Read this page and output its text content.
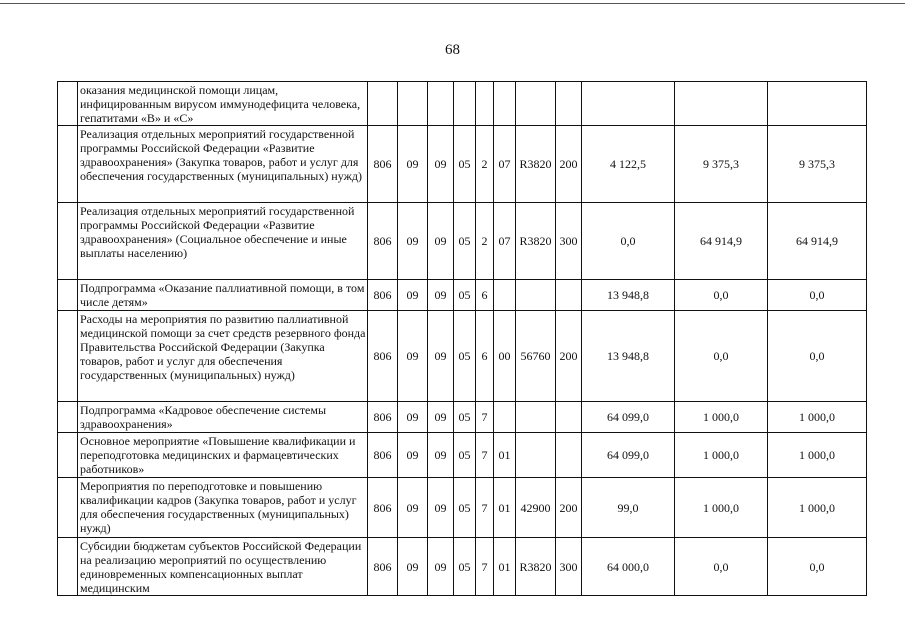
68
	оказания медицинской помощи лицам, инфицированным вирусом иммунодефицита человека, гепатитами «В» и «С»											
	Реализация отдельных мероприятий государственной программы Российской Федерации «Развитие здравоохранения» (Закупка товаров, работ и услуг для обеспечения государственных (муниципальных) нужд)	806	09	09	05	2	07	R3820	200	4 122,5	9 375,3	9 375,3
	Реализация отдельных мероприятий государственной программы Российской Федерации «Развитие здравоохранения» (Социальное обеспечение и иные выплаты населению)	806	09	09	05	2	07	R3820	300	0,0	64 914,9	64 914,9
	Подпрограмма «Оказание паллиативной помощи, в том числе детям»	806	09	09	05	6				13 948,8	0,0	0,0
	Расходы на мероприятия по развитию паллиативной медицинской помощи за счет средств резервного фонда Правительства Российской Федерации (Закупка товаров, работ и услуг для обеспечения государственных (муниципальных) нужд)	806	09	09	05	6	00	56760	200	13 948,8	0,0	0,0
	Подпрограмма «Кадровое обеспечение системы здравоохранения»	806	09	09	05	7				64 099,0	1 000,0	1 000,0
	Основное мероприятие «Повышение квалификации и переподготовка медицинских и фармацевтических работников»	806	09	09	05	7	01			64 099,0	1 000,0	1 000,0
	Мероприятия по переподготовке и повышению квалификации кадров (Закупка товаров, работ и услуг для обеспечения государственных (муниципальных) нужд)	806	09	09	05	7	01	42900	200	99,0	1 000,0	1 000,0
	Субсидии бюджетам субъектов Российской Федерации на реализацию мероприятий по осуществлению единовременных компенсационных выплат медицинским	806	09	09	05	7	01	R3820	300	64 000,0	0,0	0,0
